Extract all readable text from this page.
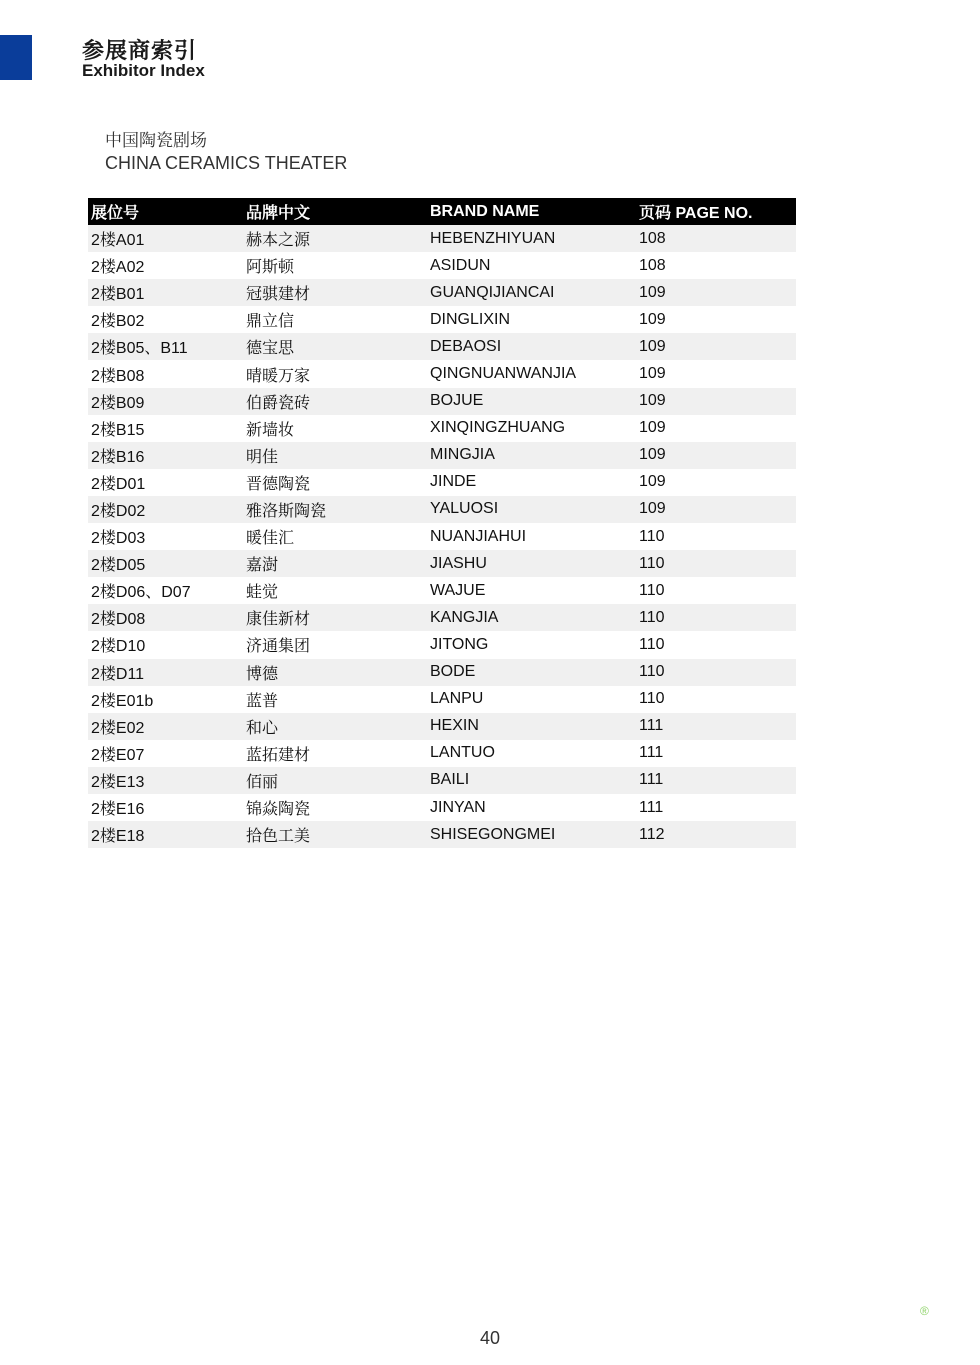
参展商索引
Exhibitor Index
中国陶瓷剧场
CHINA CERAMICS THEATER
展位号	品牌中文	BRAND NAME	页码 PAGE NO.
2楼A01	赫本之源	HEBENZHIYUAN	108
2楼A02	阿斯顿	ASIDUN	108
2楼B01	冠骐建材	GUANQIJIANCAI	109
2楼B02	鼎立信	DINGLIXIN	109
2楼B05、B11	德宝思	DEBAOSI	109
2楼B08	晴暖万家	QINGNUANWANJIA	109
2楼B09	伯爵瓷砖	BOJUE	109
2楼B15	新墙妆	XINQINGZHUANG	109
2楼B16	明佳	MINGJIA	109
2楼D01	晋德陶瓷	JINDE	109
2楼D02	雅洛斯陶瓷	YALUOSI	109
2楼D03	暖佳汇	NUANJIAHUI	110
2楼D05	嘉澍	JIASHU	110
2楼D06、D07	蛙觉	WAJUE	110
2楼D08	康佳新材	KANGJIA	110
2楼D10	济通集团	JITONG	110
2楼D11	博德	BODE	110
2楼E01b	蓝普	LANPU	110
2楼E02	和心	HEXIN	111
2楼E07	蓝拓建材	LANTUO	111
2楼E13	佰丽	BAILI	111
2楼E16	锦焱陶瓷	JINYAN	111
2楼E18	拾色工美	SHISEGONGMEI	112
40
®
